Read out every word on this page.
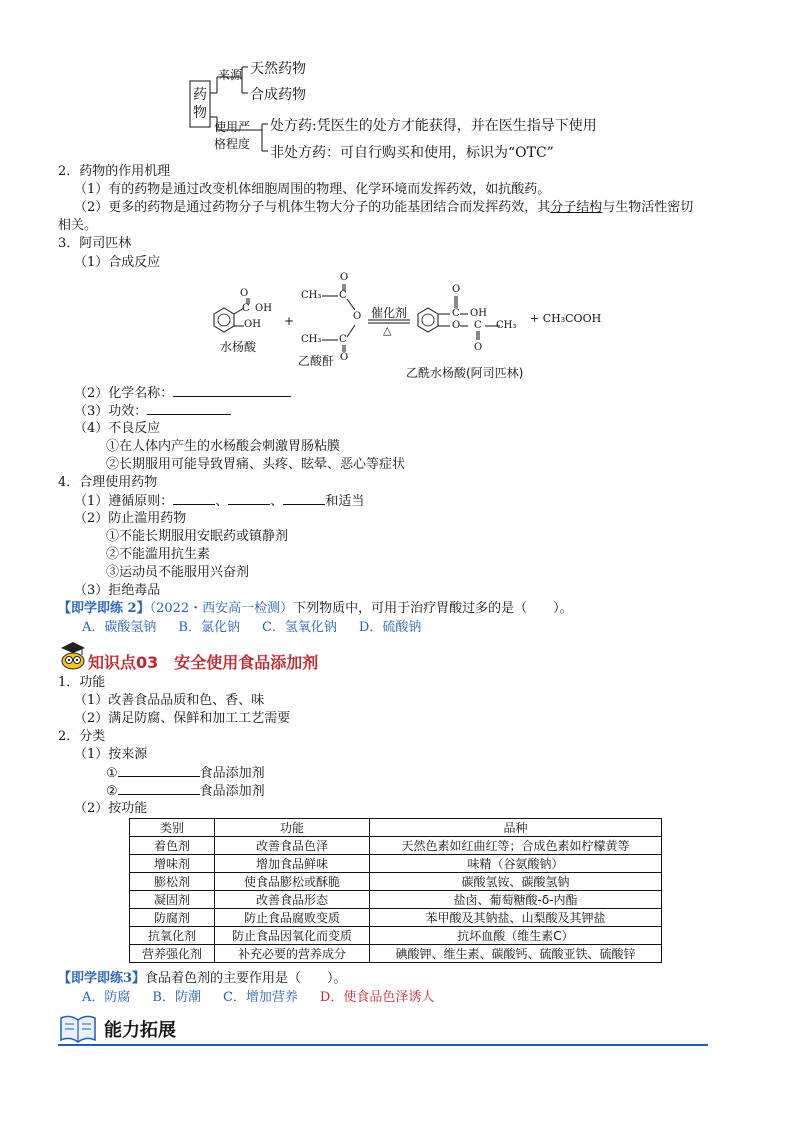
药物
来源 天然药物
合成药物
使用严
格程度
处方药:凭医生的处方才能获得，并在医生指导下使用
非处方药：可自行购买和使用，标识为“OTC”
2．药物的作用机理
（1）有的药物是通过改变机体细胞周围的物理、化学环境而发挥药效，如抗酸药。
（2）更多的药物是通过药物分子与机体生物大分子的功能基团结合而发挥药效，其分子结构与生物活性密切
相关。
3．阿司匹林
（1）合成反应
O
C OH
OH
水杨酸
+
O
CH₃ C
O
CH₃ C
O
乙酸酐
催化剂
△
O
C
O
OH
C CH₃
O
+ CH₃COOH
乙酰水杨酸(阿司匹林)
（2）化学名称：
（3）功效：
（4）不良反应
①在人体内产生的水杨酸会刺激胃肠粘膜
②长期服用可能导致胃痛、头疼、眩晕、恶心等症状
4．合理使用药物
（1）遵循原则：	、	、	和适当
（2）防止滥用药物
①不能长期服用安眠药或镇静剂
②不能滥用抗生素
③运动员不能服用兴奋剂
（3）拒绝毒品
【即学即练 2】（2022・西安高一检测）下列物质中，可用于治疗胃酸过多的是（　　）。
A．碳酸氢钠 B．氯化钠 C．氢氧化钠 D．硫酸钠
知识点03　安全使用食品添加剂
1．功能
（1）改善食品品质和色、香、味
（2）满足防腐、保鲜和加工工艺需要
2．分类
（1）按来源
①	食品添加剂
②	食品添加剂
（2）按功能
类别	功能	品种
着色剂	改善食品色泽	天然色素如红曲红等；合成色素如柠檬黄等
增味剂	增加食品鲜味	味精（谷氨酸钠）
膨松剂	使食品膨松或酥脆	碳酸氢铵、碳酸氢钠
凝固剂	改善食品形态	盐卤、葡萄糖酸-δ-内酯
防腐剂	防止食品腐败变质	苯甲酸及其钠盐、山梨酸及其钾盐
抗氧化剂	防止食品因氧化而变质	抗坏血酸（维生素C）
营养强化剂	补充必要的营养成分	碘酸钾、维生素、碳酸钙、硫酸亚铁、硫酸锌
【即学即练3】食品着色剂的主要作用是（　　）。
A．防腐 B．防潮 C．增加营养 D．使食品色泽诱人
能力拓展
